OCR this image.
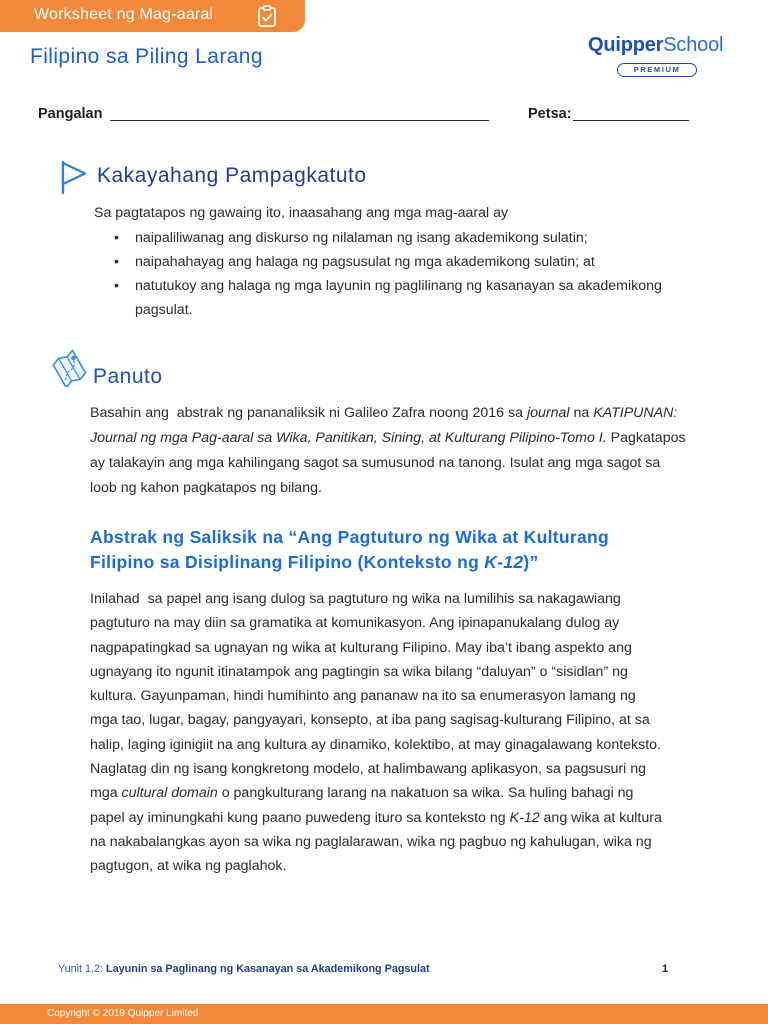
Worksheet ng Mag-aaral
Filipino sa Piling Larang	QuipperSchool
PREMIUM
Pangalan	Petsa:
Kakayahang Pampagkatuto
Sa pagtatapos ng gawaing ito, inaasahang ang mga mag-aaral ay
• naipaliliwanag ang diskurso ng nilalaman ng isang akademikong sulatin;
• naipahahayag ang halaga ng pagsusulat ng mga akademikong sulatin; at
• natutukoy ang halaga ng mga layunin ng paglilinang ng kasanayan sa akademikong pagsulat.
Panuto
Basahin ang  abstrak ng pananaliksik ni Galileo Zafra noong 2016 sa journal na KATIPUNAN:
Journal ng mga Pag-aaral sa Wika, Panitikan, Sining, at Kulturang Pilipino-Tomo I. Pagkatapos
ay talakayin ang mga kahilingang sagot sa sumusunod na tanong. Isulat ang mga sagot sa
loob ng kahon pagkatapos ng bilang.
Abstrak ng Saliksik na “Ang Pagtuturo ng Wika at Kulturang
Filipino sa Disiplinang Filipino (Konteksto ng K-12)”
Inilahad  sa papel ang isang dulog sa pagtuturo ng wika na lumilihis sa nakagawiang
pagtuturo na may diin sa gramatika at komunikasyon. Ang ipinapanukalang dulog ay
nagpapatingkad sa ugnayan ng wika at kulturang Filipino. May iba’t ibang aspekto ang
ugnayang ito ngunit itinatampok ang pagtingin sa wika bilang “daluyan” o “sisidlan” ng
kultura. Gayunpaman, hindi humihinto ang pananaw na ito sa enumerasyon lamang ng
mga tao, lugar, bagay, pangyayari, konsepto, at iba pang sagisag-kulturang Filipino, at sa
halip, laging iginigiit na ang kultura ay dinamiko, kolektibo, at may ginagalawang konteksto.
Naglatag din ng isang kongkretong modelo, at halimbawang aplikasyon, sa pagsusuri ng
mga cultural domain o pangkulturang larang na nakatuon sa wika. Sa huling bahagi ng
papel ay iminungkahi kung paano puwedeng ituro sa konteksto ng K-12 ang wika at kultura
na nakabalangkas ayon sa wika ng paglalarawan, wika ng pagbuo ng kahulugan, wika ng
pagtugon, at wika ng paglahok.
Yunit 1.2: Layunin sa Paglinang ng Kasanayan sa Akademikong Pagsulat	1
Copyright © 2019 Quipper Limited
